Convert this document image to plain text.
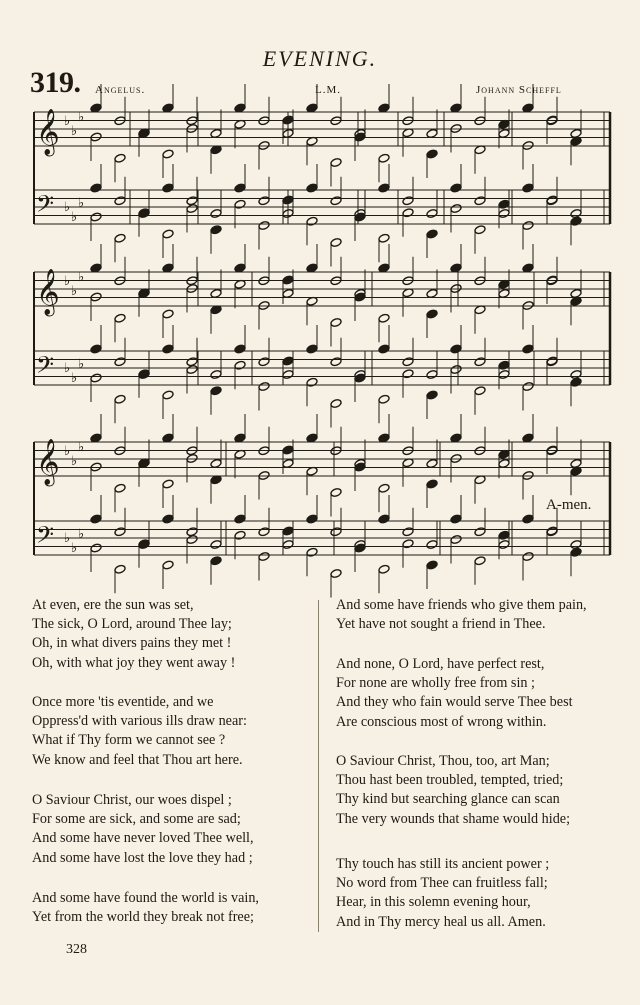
EVENING.
319. Angelus.	L.M.	Johann Scheffl
𝄞 ♭
♭
♭
𝄢 ♭
♭
♭
𝄞 ♭
♭
♭
𝄢 ♭
♭
♭
𝄞 ♭
♭
♭
𝄢 ♭
♭
♭
A-men.
At even, ere the sun was set,
The sick, O Lord, around Thee lay;
Oh, in what divers pains they met !
Oh, with what joy they went away !
Once more 'tis eventide, and we
Oppress'd with various ills draw near:
What if Thy form we cannot see ?
We know and feel that Thou art here.
O Saviour Christ, our woes dispel ;
For some are sick, and some are sad;
And some have never loved Thee well,
And some have lost the love they had ;
And some have found the world is vain,
Yet from the world they break not free;
And some have friends who give them pain,
Yet have not sought a friend in Thee.
And none, O Lord, have perfect rest,
For none are wholly free from sin ;
And they who fain would serve Thee best
Are conscious most of wrong within.
O Saviour Christ, Thou, too, art Man;
Thou hast been troubled, tempted, tried;
Thy kind but searching glance can scan
The very wounds that shame would hide;
Thy touch has still its ancient power ;
No word from Thee can fruitless fall;
Hear, in this solemn evening hour,
And in Thy mercy heal us all. Amen.
328
